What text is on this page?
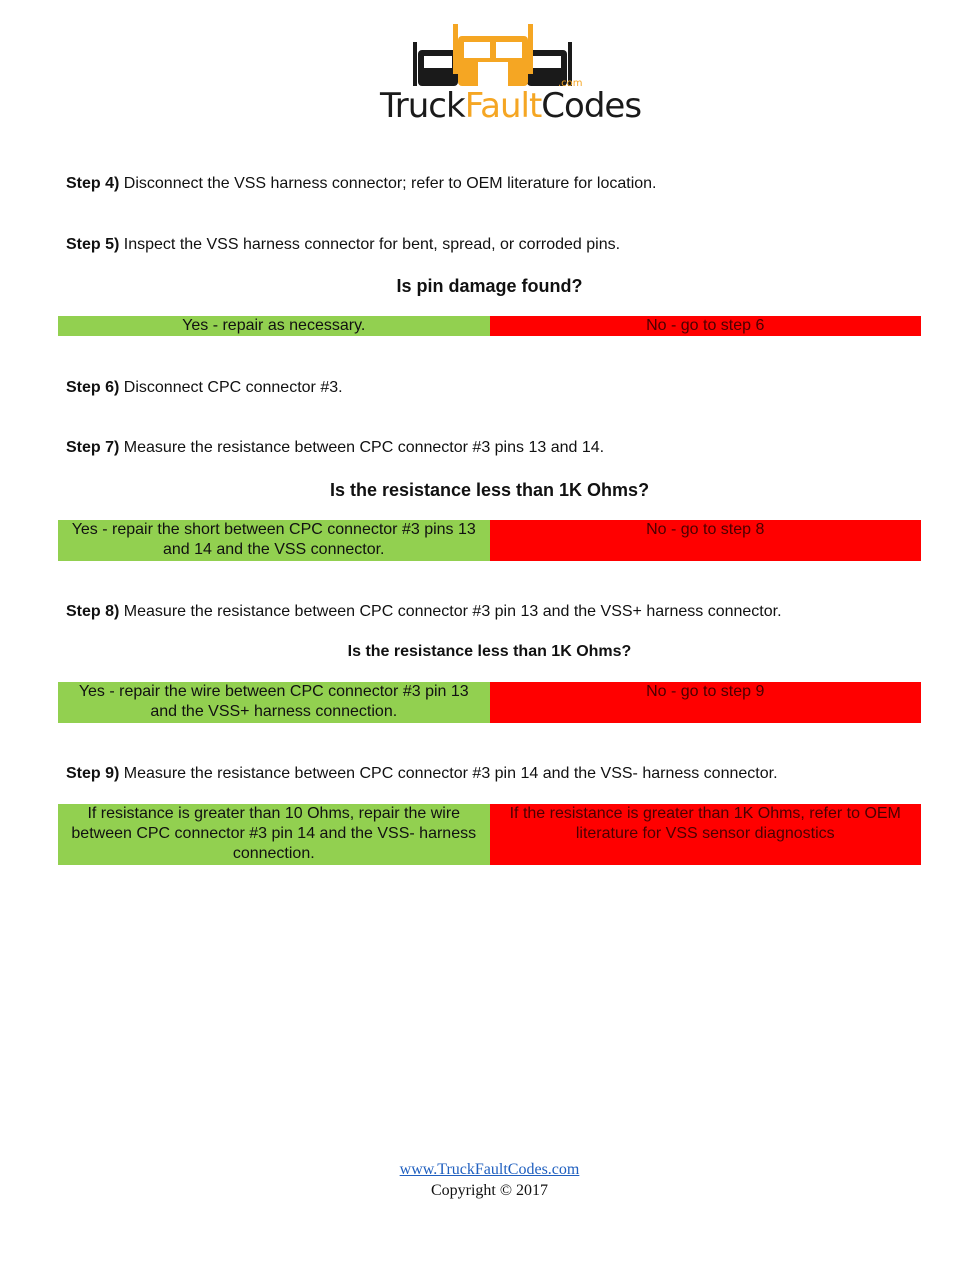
.com
TruckFaultCodes
Step 4) Disconnect the VSS harness connector; refer to OEM literature for location.
Step 5) Inspect the VSS harness connector for bent, spread, or corroded pins.
Is pin damage found?
Yes - repair as necessary.	No - go to step 6
Step 6) Disconnect CPC connector #3.
Step 7) Measure the resistance between CPC connector #3 pins 13 and 14.
Is the resistance less than 1K Ohms?
Yes - repair the short between CPC connector #3 pins 13 and 14 and the VSS connector.
No - go to step 8
Step 8) Measure the resistance between CPC connector #3 pin 13 and the VSS+ harness connector.
Is the resistance less than 1K Ohms?
Yes - repair the wire between CPC connector #3 pin 13 and the VSS+ harness connection.
No - go to step 9
Step 9) Measure the resistance between CPC connector #3 pin 14 and the VSS- harness connector.
If resistance is greater than 10 Ohms, repair the wire between CPC connector #3 pin 14 and the VSS- harness connection.
If the resistance is greater than 1K Ohms, refer to OEM literature for VSS sensor diagnostics
www.TruckFaultCodes.com
Copyright © 2017
